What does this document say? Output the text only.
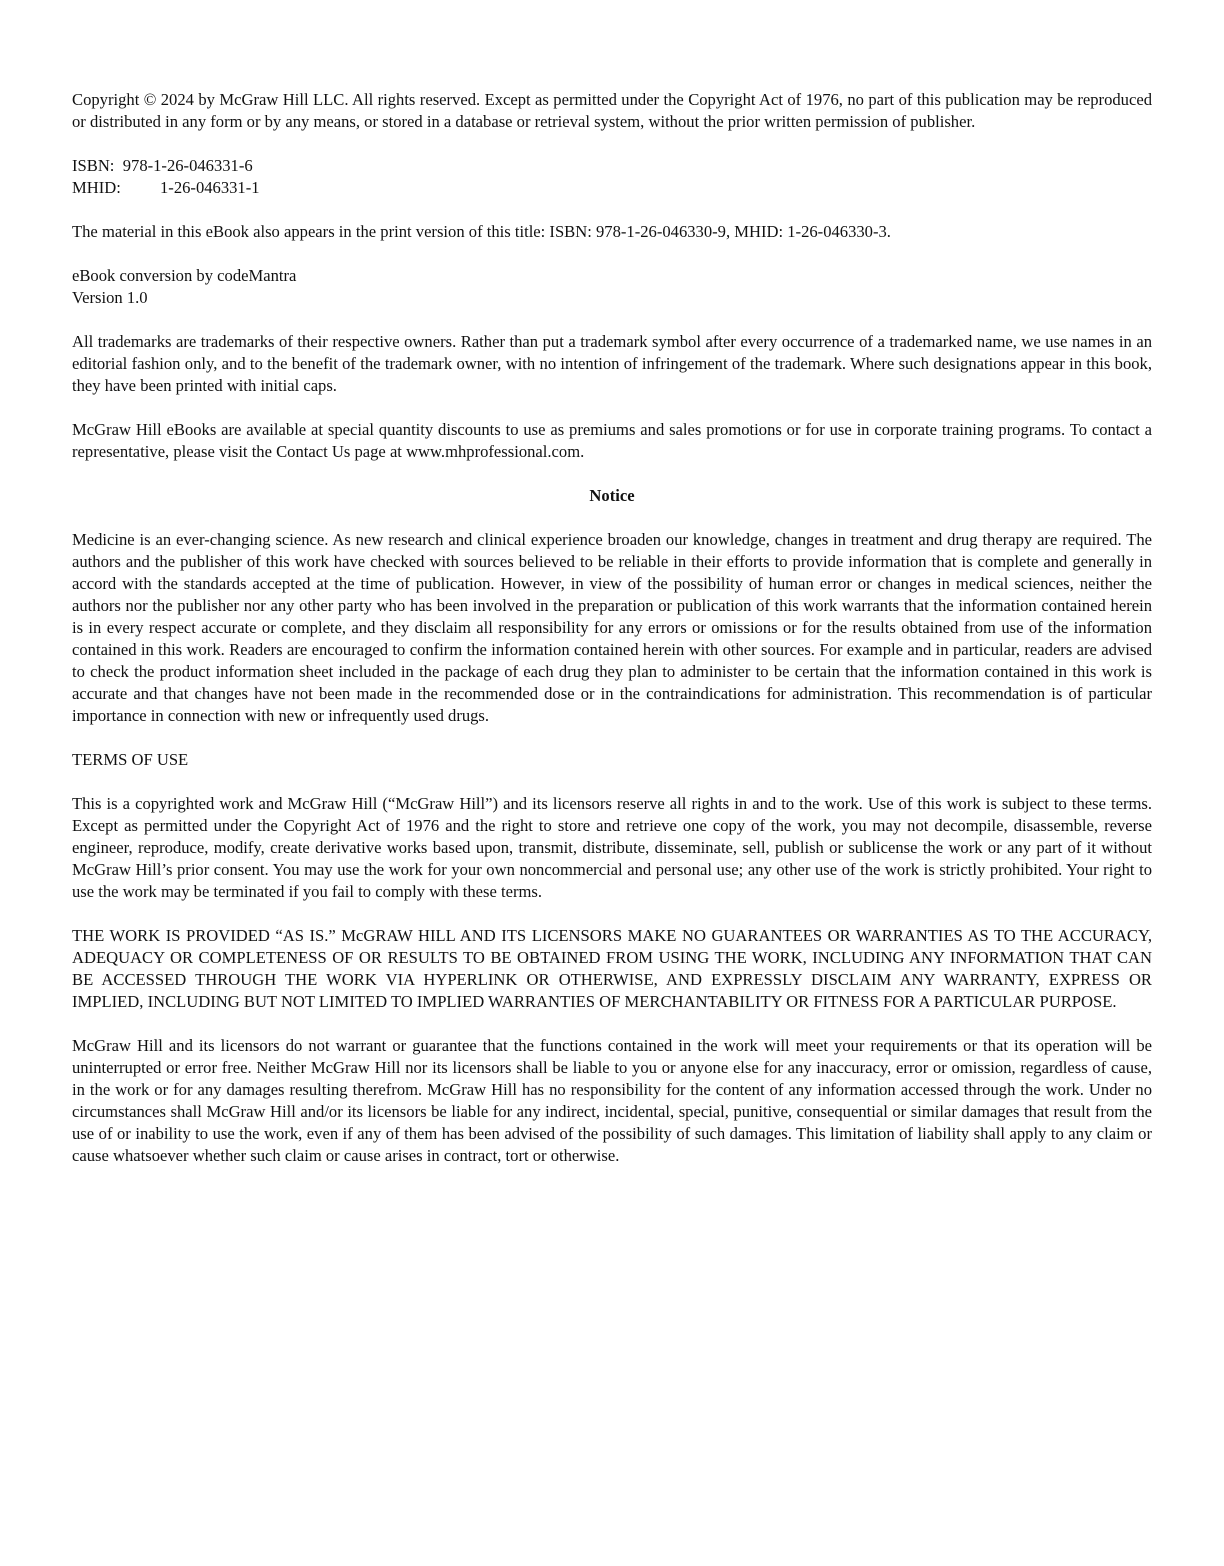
Copyright © 2024 by McGraw Hill LLC. All rights reserved. Except as permitted under the Copyright Act of 1976, no part of this publication may be reproduced or distributed in any form or by any means, or stored in a database or retrieval system, without the prior written permission of publisher.

ISBN: 978-1-26-046331-6
MHID: 1-26-046331-1

The material in this eBook also appears in the print version of this title: ISBN: 978-1-26-046330-9, MHID: 1-26-046330-3.

eBook conversion by codeMantra
Version 1.0

All trademarks are trademarks of their respective owners. Rather than put a trademark symbol after every occurrence of a trademarked name, we use names in an editorial fashion only, and to the benefit of the trademark owner, with no intention of infringement of the trademark. Where such designations appear in this book, they have been printed with initial caps.

McGraw Hill eBooks are available at special quantity discounts to use as premiums and sales promotions or for use in corporate training programs. To contact a representative, please visit the Contact Us page at www.mhprofessional.com.

Notice

Medicine is an ever-changing science. As new research and clinical experience broaden our knowledge, changes in treatment and drug therapy are required. The authors and the publisher of this work have checked with sources believed to be reliable in their efforts to provide information that is complete and generally in accord with the standards accepted at the time of publication. However, in view of the possibility of human error or changes in medical sciences, neither the authors nor the publisher nor any other party who has been involved in the preparation or publication of this work warrants that the information contained herein is in every respect accurate or complete, and they disclaim all responsibility for any errors or omissions or for the results obtained from use of the information contained in this work. Readers are encouraged to confirm the information contained herein with other sources. For example and in particular, readers are advised to check the product information sheet included in the package of each drug they plan to administer to be certain that the information contained in this work is accurate and that changes have not been made in the recommended dose or in the contraindications for administration. This recommendation is of particular importance in connection with new or infrequently used drugs.

TERMS OF USE

This is a copyrighted work and McGraw Hill (“McGraw Hill”) and its licensors reserve all rights in and to the work. Use of this work is subject to these terms. Except as permitted under the Copyright Act of 1976 and the right to store and retrieve one copy of the work, you may not decompile, disassemble, reverse engineer, reproduce, modify, create derivative works based upon, transmit, distribute, disseminate, sell, publish or sublicense the work or any part of it without McGraw Hill’s prior consent. You may use the work for your own noncommercial and personal use; any other use of the work is strictly prohibited. Your right to use the work may be terminated if you fail to comply with these terms.

THE WORK IS PROVIDED “AS IS.” McGRAW HILL AND ITS LICENSORS MAKE NO GUARANTEES OR WARRANTIES AS TO THE ACCURACY, ADEQUACY OR COMPLETENESS OF OR RESULTS TO BE OBTAINED FROM USING THE WORK, INCLUDING ANY INFORMATION THAT CAN BE ACCESSED THROUGH THE WORK VIA HYPERLINK OR OTHERWISE, AND EXPRESSLY DISCLAIM ANY WARRANTY, EXPRESS OR IMPLIED, INCLUDING BUT NOT LIMITED TO IMPLIED WARRANTIES OF MERCHANTABILITY OR FITNESS FOR A PARTICULAR PURPOSE.

McGraw Hill and its licensors do not warrant or guarantee that the functions contained in the work will meet your requirements or that its operation will be uninterrupted or error free. Neither McGraw Hill nor its licensors shall be liable to you or anyone else for any inaccuracy, error or omission, regardless of cause, in the work or for any damages resulting therefrom. McGraw Hill has no responsibility for the content of any information accessed through the work. Under no circumstances shall McGraw Hill and/or its licensors be liable for any indirect, incidental, special, punitive, consequential or similar damages that result from the use of or inability to use the work, even if any of them has been advised of the possibility of such damages. This limitation of liability shall apply to any claim or cause whatsoever whether such claim or cause arises in contract, tort or otherwise.
